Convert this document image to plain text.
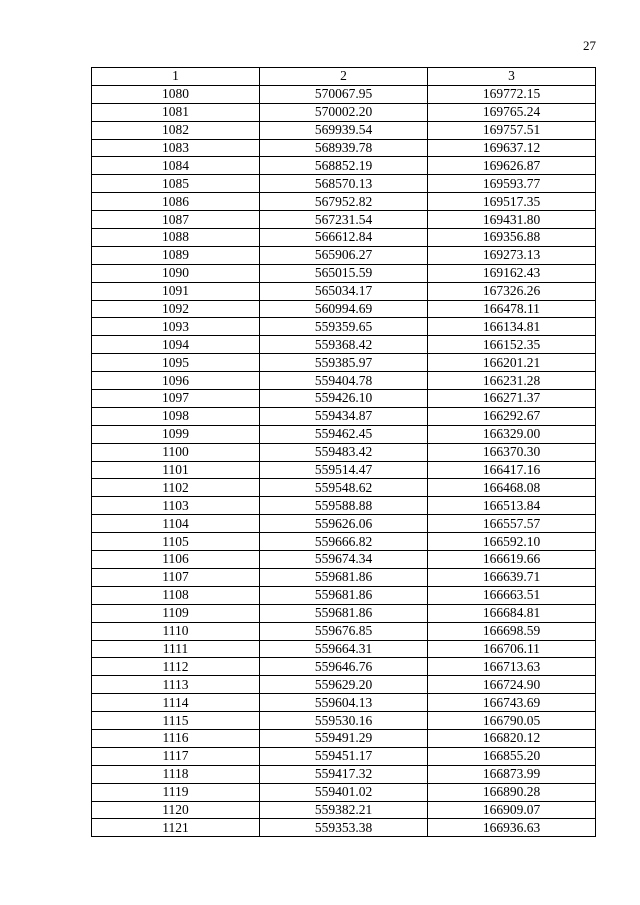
27
1	2	3
1080	570067.95	169772.15
1081	570002.20	169765.24
1082	569939.54	169757.51
1083	568939.78	169637.12
1084	568852.19	169626.87
1085	568570.13	169593.77
1086	567952.82	169517.35
1087	567231.54	169431.80
1088	566612.84	169356.88
1089	565906.27	169273.13
1090	565015.59	169162.43
1091	565034.17	167326.26
1092	560994.69	166478.11
1093	559359.65	166134.81
1094	559368.42	166152.35
1095	559385.97	166201.21
1096	559404.78	166231.28
1097	559426.10	166271.37
1098	559434.87	166292.67
1099	559462.45	166329.00
1100	559483.42	166370.30
1101	559514.47	166417.16
1102	559548.62	166468.08
1103	559588.88	166513.84
1104	559626.06	166557.57
1105	559666.82	166592.10
1106	559674.34	166619.66
1107	559681.86	166639.71
1108	559681.86	166663.51
1109	559681.86	166684.81
1110	559676.85	166698.59
1111	559664.31	166706.11
1112	559646.76	166713.63
1113	559629.20	166724.90
1114	559604.13	166743.69
1115	559530.16	166790.05
1116	559491.29	166820.12
1117	559451.17	166855.20
1118	559417.32	166873.99
1119	559401.02	166890.28
1120	559382.21	166909.07
1121	559353.38	166936.63
